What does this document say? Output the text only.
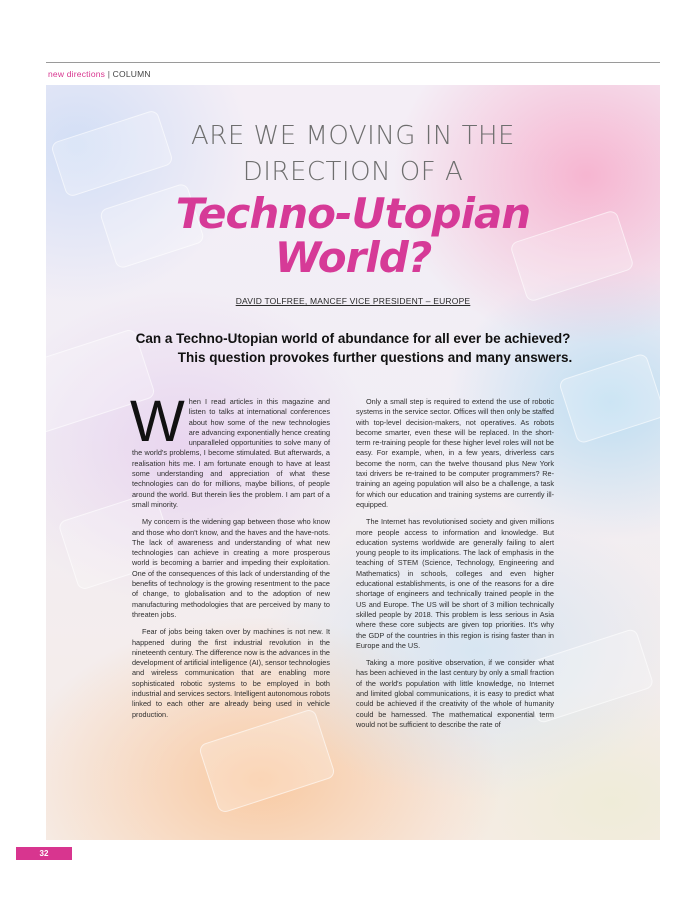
new directions | COLUMN
ARE WE MOVING IN THE
DIRECTION OF A
Techno-Utopian
World?
DAVID TOLFREE, MANCEF VICE PRESIDENT – EUROPE
Can a Techno-Utopian world of abundance for all ever be achieved?
This question provokes further questions and many answers.

When I read articles in this magazine and listen to talks at international conferences about how some of the new technologies are advancing exponentially hence creating unparalleled opportunities to solve many of the world's problems, I become stimulated. But afterwards, a realisation hits me. I am fortunate enough to have at least some understanding and appreciation of what these technologies can do for millions, maybe billions, of people around the world. But therein lies the problem. I am part of a small minority.

My concern is the widening gap between those who know and those who don't know, and the haves and the have-nots. The lack of awareness and understanding of what new technologies can achieve in creating a more prosperous world is becoming a barrier and impeding their exploitation. One of the consequences of this lack of understanding of the benefits of technology is the growing resentment to the pace of change, to globalisation and to the adoption of new manufacturing methodologies that are perceived by many to threaten jobs.

Fear of jobs being taken over by machines is not new. It happened during the first industrial revolution in the nineteenth century. The difference now is the advances in the development of artificial intelligence (AI), sensor technologies and wireless communication that are enabling more sophisticated robotic systems to be employed in both industrial and services sectors. Intelligent autonomous robots linked to each other are already being used in vehicle production.

Only a small step is required to extend the use of robotic systems in the service sector. Offices will then only be staffed with top-level decision-makers, not operatives. As robots become smarter, even these will be replaced. In the short-term re-training people for these higher level roles will not be easy. For example, when, in a few years, driverless cars become the norm, can the twelve thousand plus New York taxi drivers be re-trained to be computer programmers? Re-training an ageing population will also be a challenge, a task for which our education and training systems are currently ill-equipped.

The Internet has revolutionised society and given millions more people access to information and knowledge. But education systems worldwide are generally failing to alert young people to its implications. The lack of emphasis in the teaching of STEM (Science, Technology, Engineering and Mathematics) in schools, colleges and even higher educational establishments, is one of the reasons for a dire shortage of engineers and technically trained people in the US and Europe. The US will be short of 3 million technically skilled people by 2018. This problem is less serious in Asia where these core subjects are given top priorities. It's why the GDP of the countries in this region is rising faster than in Europe and the US.

Taking a more positive observation, if we consider what has been achieved in the last century by only a small fraction of the world's population with little knowledge, no Internet and limited global communications, it is easy to predict what could be achieved if the creativity of the whole of humanity could be harnessed. The mathematical exponential term would not be sufficient to describe the rate of

32
